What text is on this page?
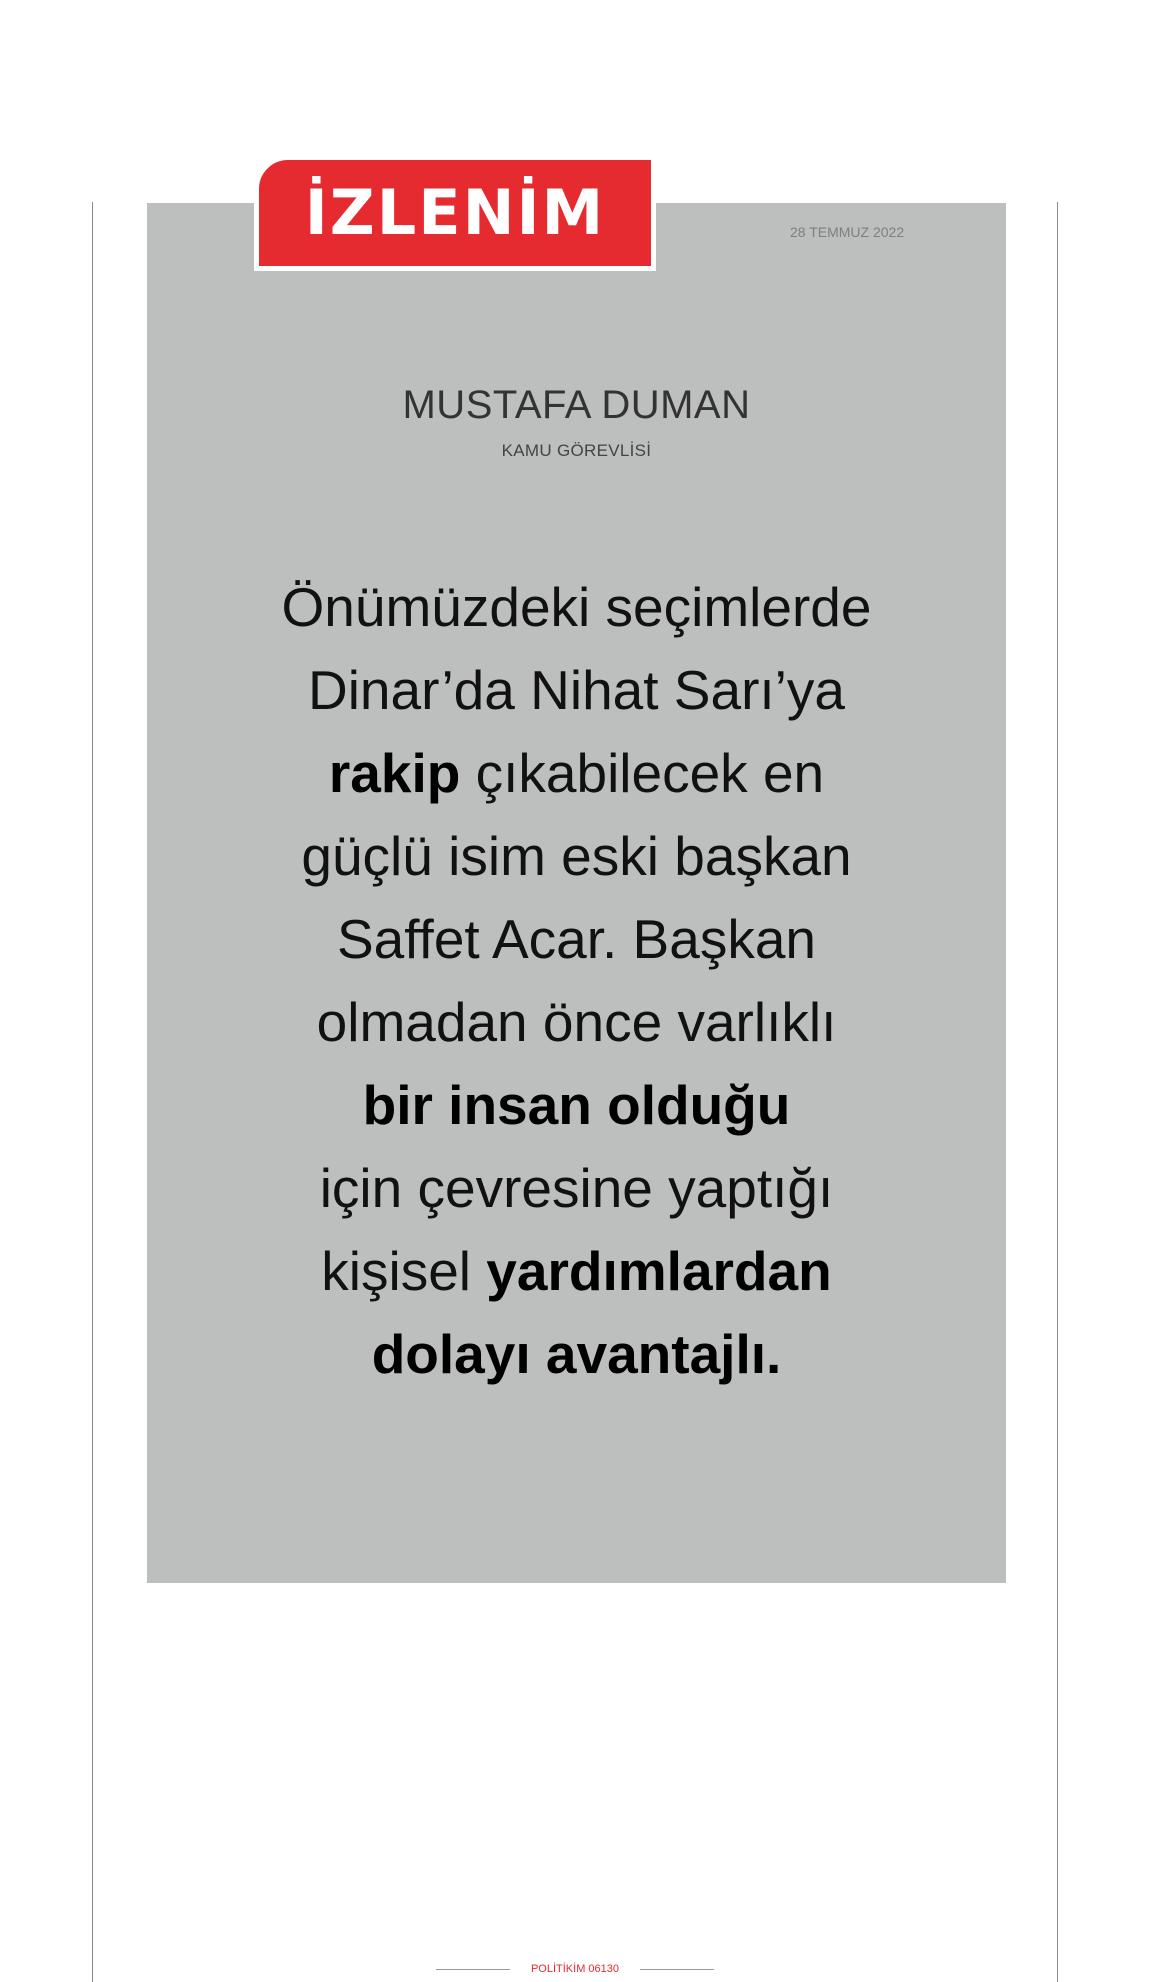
İZLENİM	28 TEMMUZ 2022
MUSTAFA DUMAN
KAMU GÖREVLİSİ
Önümüzdeki seçimlerde
Dinar’da Nihat Sarı’ya
rakip çıkabilecek en
güçlü isim eski başkan
Saffet Acar. Başkan
olmadan önce varlıklı
bir insan olduğu
için çevresine yaptığı
kişisel yardımlardan
dolayı avantajlı.
POLİTİKİM 06130
